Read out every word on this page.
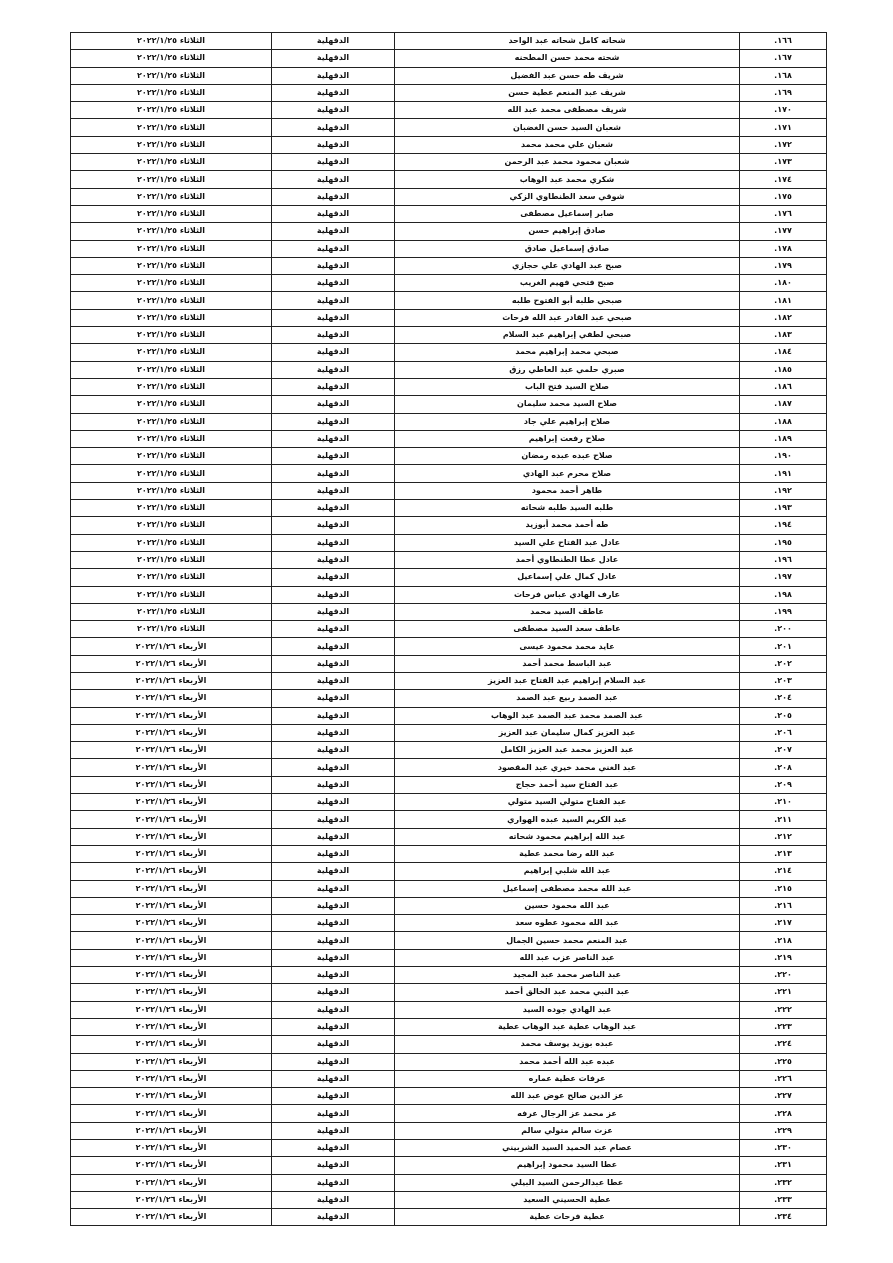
١٦٦.	شحاته كامل شحاته عبد الواحد	الدقهلية	الثلاثاء ٢٠٢٢/١/٢٥
١٦٧.	شحته محمد حسن المطحنه	الدقهلية	الثلاثاء ٢٠٢٢/١/٢٥
١٦٨.	شريف طه حسن عبد الفضيل	الدقهلية	الثلاثاء ٢٠٢٢/١/٢٥
١٦٩.	شريف عبد المنعم عطية حسن	الدقهلية	الثلاثاء ٢٠٢٢/١/٢٥
١٧٠.	شريف مصطفى محمد عبد الله	الدقهلية	الثلاثاء ٢٠٢٢/١/٢٥
١٧١.	شعبان السيد حسن الغضبان	الدقهلية	الثلاثاء ٢٠٢٢/١/٢٥
١٧٢.	شعبان علي محمد محمد	الدقهلية	الثلاثاء ٢٠٢٢/١/٢٥
١٧٣.	شعبان محمود محمد عبد الرحمن	الدقهلية	الثلاثاء ٢٠٢٢/١/٢٥
١٧٤.	شكري محمد عبد الوهاب	الدقهلية	الثلاثاء ٢٠٢٢/١/٢٥
١٧٥.	شوقي سعد الطنطاوي الزكي	الدقهلية	الثلاثاء ٢٠٢٢/١/٢٥
١٧٦.	صابر إسماعيل مصطفى	الدقهلية	الثلاثاء ٢٠٢٢/١/٢٥
١٧٧.	صادق إبراهيم حسن	الدقهلية	الثلاثاء ٢٠٢٢/١/٢٥
١٧٨.	صادق إسماعيل صادق	الدقهلية	الثلاثاء ٢٠٢٢/١/٢٥
١٧٩.	صبح عبد الهادي علي حجازي	الدقهلية	الثلاثاء ٢٠٢٢/١/٢٥
١٨٠.	صبح فتحي فهيم الغريب	الدقهلية	الثلاثاء ٢٠٢٢/١/٢٥
١٨١.	صبحي طلبه أبو الفتوح طلبه	الدقهلية	الثلاثاء ٢٠٢٢/١/٢٥
١٨٢.	صبحي عبد القادر عبد الله فرحات	الدقهلية	الثلاثاء ٢٠٢٢/١/٢٥
١٨٣.	صبحي لطفي إبراهيم عبد السلام	الدقهلية	الثلاثاء ٢٠٢٢/١/٢٥
١٨٤.	صبحي محمد إبراهيم محمد	الدقهلية	الثلاثاء ٢٠٢٢/١/٢٥
١٨٥.	صبري حلمي عبد العاطي رزق	الدقهلية	الثلاثاء ٢٠٢٢/١/٢٥
١٨٦.	صلاح السيد فتح الباب	الدقهلية	الثلاثاء ٢٠٢٢/١/٢٥
١٨٧.	صلاح السيد محمد سليمان	الدقهلية	الثلاثاء ٢٠٢٢/١/٢٥
١٨٨.	صلاح إبراهيم علي جاد	الدقهلية	الثلاثاء ٢٠٢٢/١/٢٥
١٨٩.	صلاح رفعت إبراهيم	الدقهلية	الثلاثاء ٢٠٢٢/١/٢٥
١٩٠.	صلاح عبده عبده رمضان	الدقهلية	الثلاثاء ٢٠٢٢/١/٢٥
١٩١.	صلاح محرم عبد الهادي	الدقهلية	الثلاثاء ٢٠٢٢/١/٢٥
١٩٢.	طاهر أحمد محمود	الدقهلية	الثلاثاء ٢٠٢٢/١/٢٥
١٩٣.	طلبه السيد طلبه شحاته	الدقهلية	الثلاثاء ٢٠٢٢/١/٢٥
١٩٤.	طه أحمد محمد أبوزيد	الدقهلية	الثلاثاء ٢٠٢٢/١/٢٥
١٩٥.	عادل عبد الفتاح علي السيد	الدقهلية	الثلاثاء ٢٠٢٢/١/٢٥
١٩٦.	عادل عطا الطنطاوي أحمد	الدقهلية	الثلاثاء ٢٠٢٢/١/٢٥
١٩٧.	عادل كمال علي إسماعيل	الدقهلية	الثلاثاء ٢٠٢٢/١/٢٥
١٩٨.	عارف الهادي عباس فرحات	الدقهلية	الثلاثاء ٢٠٢٢/١/٢٥
١٩٩.	عاطف السيد محمد	الدقهلية	الثلاثاء ٢٠٢٢/١/٢٥
٢٠٠.	عاطف سعد السيد مصطفى	الدقهلية	الثلاثاء ٢٠٢٢/١/٢٥
٢٠١.	عايد محمد محمود عيسى	الدقهلية	الأربعاء ٢٠٢٢/١/٢٦
٢٠٢.	عبد الباسط محمد أحمد	الدقهلية	الأربعاء ٢٠٢٢/١/٢٦
٢٠٣.	عبد السلام إبراهيم عبد الفتاح عبد العزيز	الدقهلية	الأربعاء ٢٠٢٢/١/٢٦
٢٠٤.	عبد الصمد ربيع عبد الصمد	الدقهلية	الأربعاء ٢٠٢٢/١/٢٦
٢٠٥.	عبد الصمد محمد عبد الصمد عبد الوهاب	الدقهلية	الأربعاء ٢٠٢٢/١/٢٦
٢٠٦.	عبد العزيز كمال سليمان عبد العزيز	الدقهلية	الأربعاء ٢٠٢٢/١/٢٦
٢٠٧.	عبد العزيز محمد عبد العزيز الكامل	الدقهلية	الأربعاء ٢٠٢٢/١/٢٦
٢٠٨.	عبد الغني محمد خيري عبد المقصود	الدقهلية	الأربعاء ٢٠٢٢/١/٢٦
٢٠٩.	عبد الفتاح سيد أحمد حجاج	الدقهلية	الأربعاء ٢٠٢٢/١/٢٦
٢١٠.	عبد الفتاح متولي السيد متولي	الدقهلية	الأربعاء ٢٠٢٢/١/٢٦
٢١١.	عبد الكريم السيد عبده الهواري	الدقهلية	الأربعاء ٢٠٢٢/١/٢٦
٢١٢.	عبد الله إبراهيم محمود شحاته	الدقهلية	الأربعاء ٢٠٢٢/١/٢٦
٢١٣.	عبد الله رضا محمد عطية	الدقهلية	الأربعاء ٢٠٢٢/١/٢٦
٢١٤.	عبد الله شلبي إبراهيم	الدقهلية	الأربعاء ٢٠٢٢/١/٢٦
٢١٥.	عبد الله محمد مصطفى إسماعيل	الدقهلية	الأربعاء ٢٠٢٢/١/٢٦
٢١٦.	عبد الله محمود حسين	الدقهلية	الأربعاء ٢٠٢٢/١/٢٦
٢١٧.	عبد الله محمود عطوه سعد	الدقهلية	الأربعاء ٢٠٢٢/١/٢٦
٢١٨.	عبد المنعم محمد حسين الجمال	الدقهلية	الأربعاء ٢٠٢٢/١/٢٦
٢١٩.	عبد الناصر عزب عبد الله	الدقهلية	الأربعاء ٢٠٢٢/١/٢٦
٢٢٠.	عبد الناصر محمد عبد المجيد	الدقهلية	الأربعاء ٢٠٢٢/١/٢٦
٢٢١.	عبد النبي محمد عبد الخالق أحمد	الدقهلية	الأربعاء ٢٠٢٢/١/٢٦
٢٢٢.	عبد الهادي جوده السيد	الدقهلية	الأربعاء ٢٠٢٢/١/٢٦
٢٢٣.	عبد الوهاب عطية عبد الوهاب عطية	الدقهلية	الأربعاء ٢٠٢٢/١/٢٦
٢٢٤.	عبده بوزيد يوسف محمد	الدقهلية	الأربعاء ٢٠٢٢/١/٢٦
٢٢٥.	عبده عبد الله أحمد محمد	الدقهلية	الأربعاء ٢٠٢٢/١/٢٦
٢٢٦.	عرفات عطية عماره	الدقهلية	الأربعاء ٢٠٢٢/١/٢٦
٢٢٧.	عز الدين صالح عوض عبد الله	الدقهلية	الأربعاء ٢٠٢٢/١/٢٦
٢٢٨.	عز محمد عز الرجال عرفه	الدقهلية	الأربعاء ٢٠٢٢/١/٢٦
٢٢٩.	عزت سالم متولي سالم	الدقهلية	الأربعاء ٢٠٢٢/١/٢٦
٢٣٠.	عصام عبد الحميد السيد الشربيني	الدقهلية	الأربعاء ٢٠٢٢/١/٢٦
٢٣١.	عطا السيد محمود إبراهيم	الدقهلية	الأربعاء ٢٠٢٢/١/٢٦
٢٣٢.	عطا عبدالرحمن السيد البيلي	الدقهلية	الأربعاء ٢٠٢٢/١/٢٦
٢٣٣.	عطية الحسيني السعيد	الدقهلية	الأربعاء ٢٠٢٢/١/٢٦
٢٣٤.	عطية فرحات عطية	الدقهلية	الأربعاء ٢٠٢٢/١/٢٦
